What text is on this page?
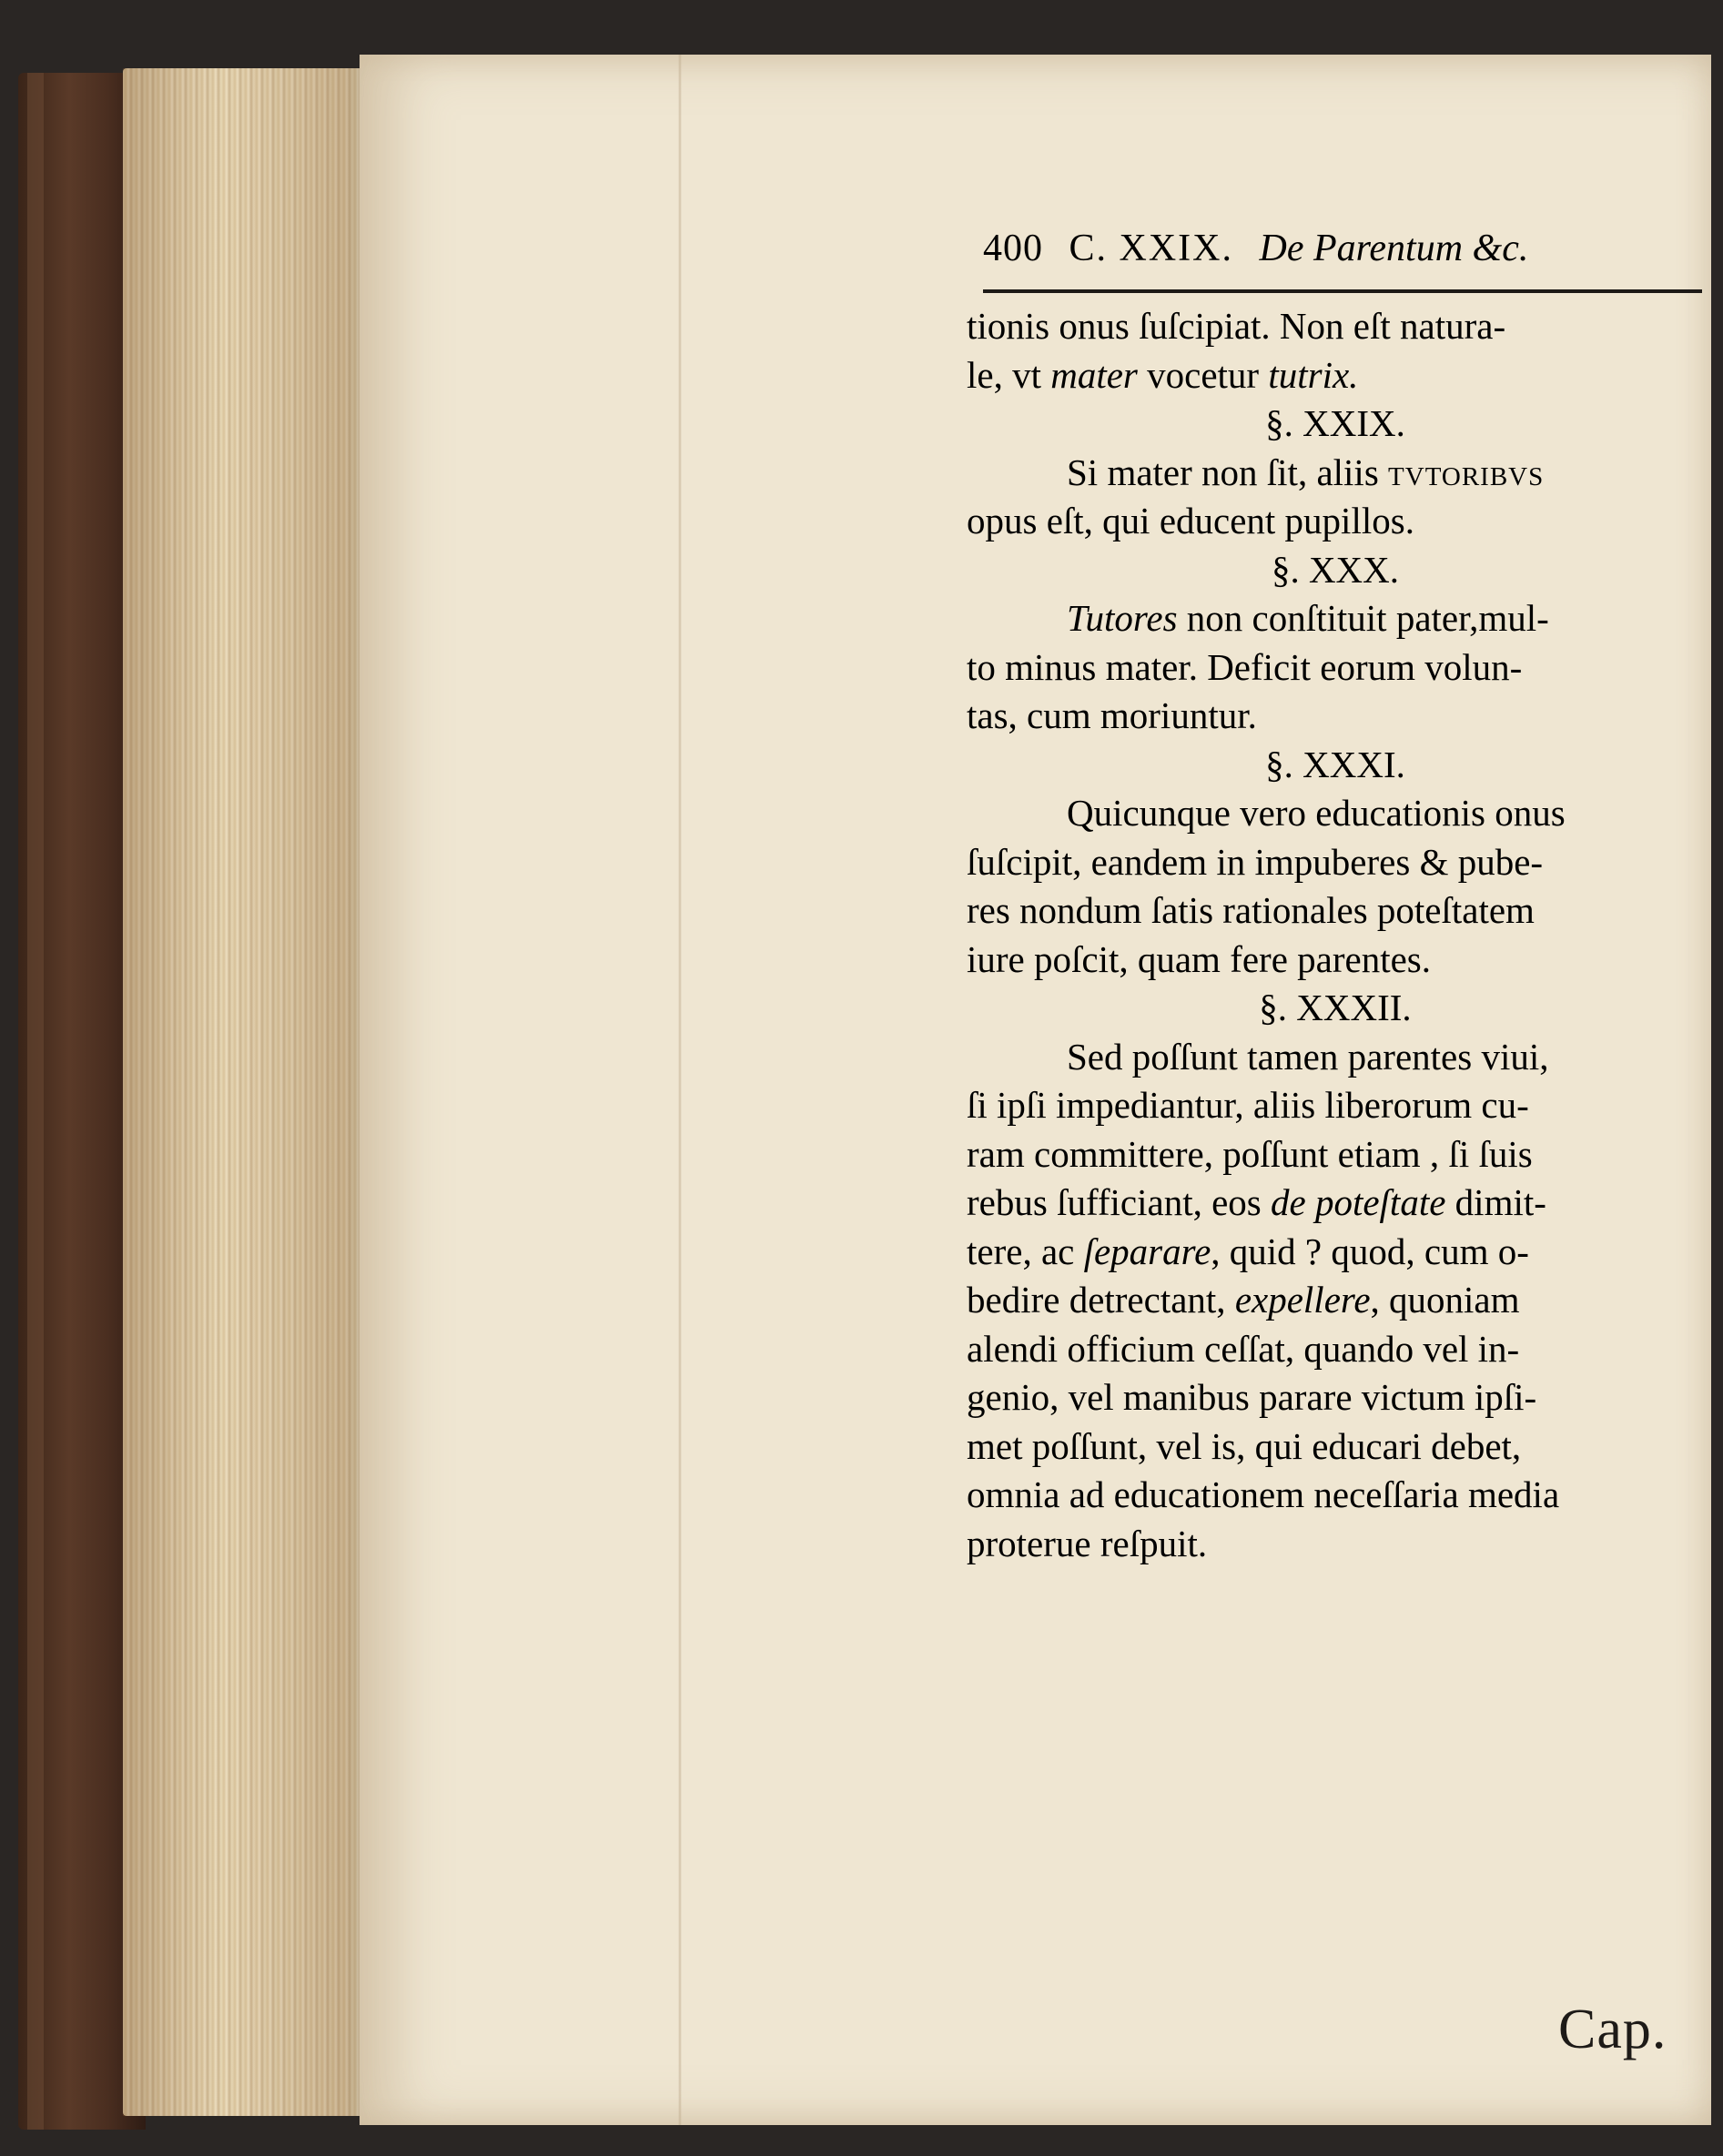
400 C. XXIX. De Parentum &c.
tionis onus ſuſcipiat. Non eſt natura-
le, vt mater vocetur tutrix.
§. XXIX.
Si mater non ſit, aliis tvtoribvs
opus eſt, qui educent pupillos.
§. XXX.
Tutores non conſtituit pater,mul-
to minus mater. Deficit eorum volun-
tas, cum moriuntur.
§. XXXI.
Quicunque vero educationis onus
ſuſcipit, eandem in impuberes & pube-
res nondum ſatis rationales poteſtatem
iure poſcit, quam fere parentes.
§. XXXII.
Sed poſſunt tamen parentes viui,
ſi ipſi impediantur, aliis liberorum cu-
ram committere, poſſunt etiam , ſi ſuis
rebus ſufficiant, eos de poteſtate dimit-
tere, ac ſeparare, quid ? quod, cum o-
bedire detrectant, expellere, quoniam
alendi officium ceſſat, quando vel in-
genio, vel manibus parare victum ipſi-
met poſſunt, vel is, qui educari debet,
omnia ad educationem neceſſaria media
proterue reſpuit.
Cap.
